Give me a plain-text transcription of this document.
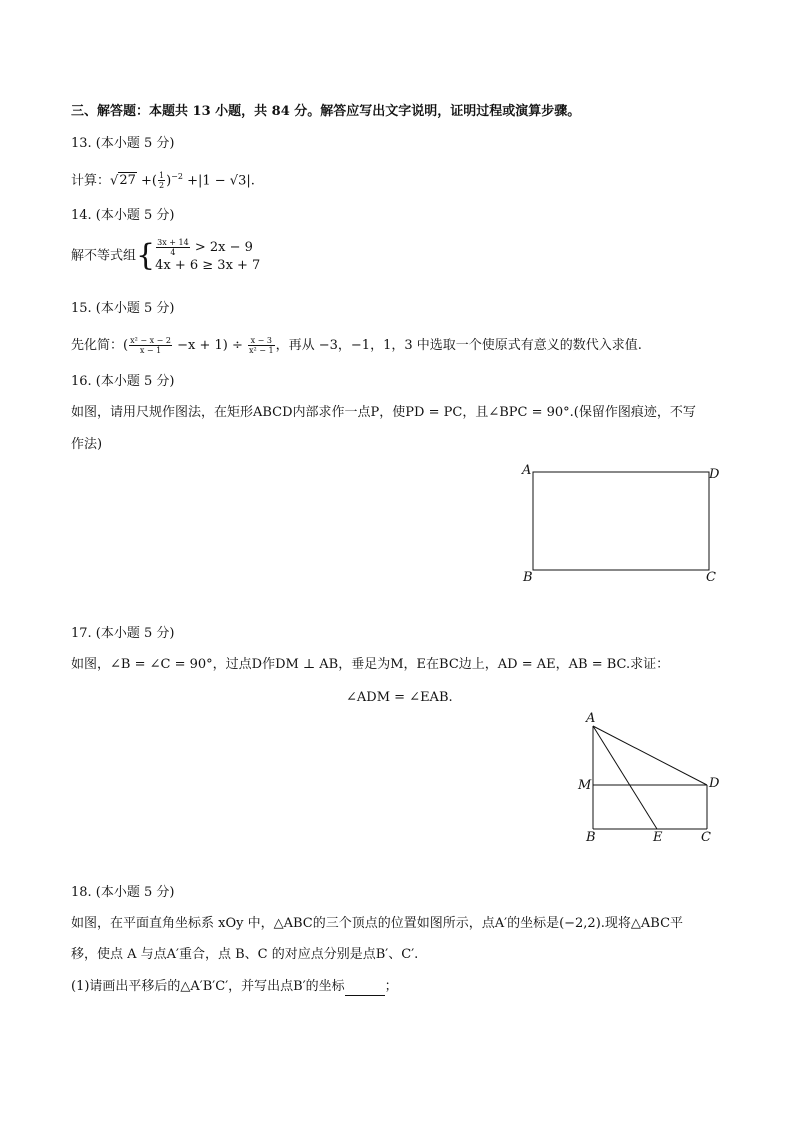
三、解答题：本题共 13 小题，共 84 分。解答应写出文字说明，证明过程或演算步骤。
13. (本小题 5 分)
计算：√27 +( $\frac{1}{2} )^{-2} +|1 - √3|$.
14. (本小题 5 分)
解不等式组{ $\frac{3x + 14}{4} > 2x - 9$
4x + 6 ≥ 3x + 7
15. (本小题 5 分)
先化简：( $\frac{\text{x² − x − 2}}{x - 1} -x + 1) \div \frac{x - 3}{\text{x² − 1}}$ ，再从 −3，−1，1，3 中选取一个使原式有意义的数代入求值.
16. (本小题 5 分)
如图，请用尺规作图法，在矩形ABCD内部求作一点P，使PD = PC，且∠BPC = 90°.(保留作图痕迹，不写
作法)
A
B	C
D
17. (本小题 5 分)
如图，∠B = ∠C = 90°，过点D作DM ⊥ AB，垂足为M，E在BC边上，AD = AE，AB = BC.求证：
∠ADM = ∠EAB.
A
M	D
B	E	C
18. (本小题 5 分)
如图，在平面直角坐标系 xOy 中，△ABC的三个顶点的位置如图所示，点A′的坐标是(−2,2).现将△ABC平
移，使点 A 与点A′重合，点 B、C 的对应点分别是点B′、C′.
(1)请画出平移后的△A′B′C′，并写出点B′的坐标	；
